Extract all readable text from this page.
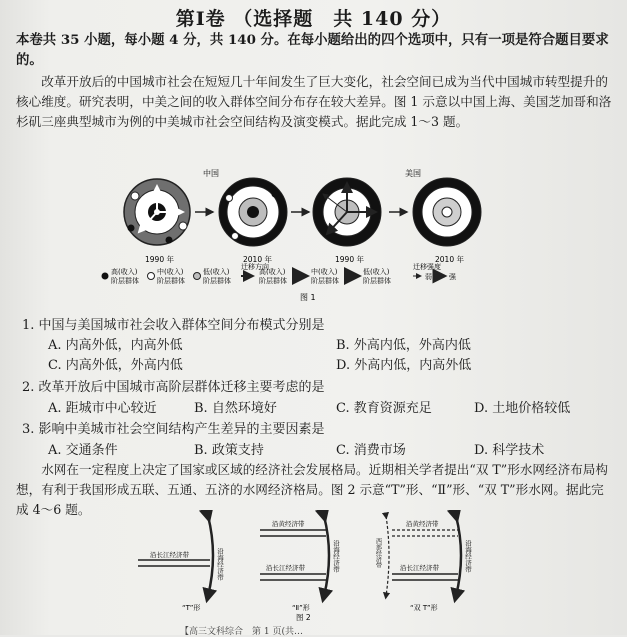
第Ⅰ卷 （选择题　共 140 分）
本卷共 35 小题，每小题 4 分，共 140 分。在每小题给出的四个选项中，只有一项是符合题目要求的。
改革开放后的中国城市社会在短短几十年间发生了巨大变化，社会空间已成为当代中国城市转型提升的核心维度。研究表明，中美之间的收入群体空间分布存在较大差异。图 1 示意以中国上海、美国芝加哥和洛杉矶三座典型城市为例的中美城市社会空间结构及演变模式。据此完成 1～3 题。
中国	美国
1990 年	2010 年	1990 年	2010 年
高(收入)
阶层群体
中(收入)
阶层群体
低(收入)
阶层群体
迁移方向
高(收入)
阶层群体
中(收入)
阶层群体
低(收入)
阶层群体
迁移强度
弱 强
图 1
1. 中国与美国城市社会收入群体空间分布模式分别是
A. 内高外低，内高外低	B. 外高内低，外高内低
C. 内高外低，外高内低	D. 外高内低，内高外低
2. 改革开放后中国城市高阶层群体迁移主要考虑的是
A. 距城市中心较近	B. 自然环境好	C. 教育资源充足	D. 土地价格较低
3. 影响中美城市社会空间结构产生差异的主要因素是
A. 交通条件	B. 政策支持	C. 消费市场	D. 科学技术
水网在一定程度上决定了国家或区域的经济社会发展格局。近期相关学者提出“双 T”形水网经济布局构想，有利于我国形成五联、五通、五济的水网经济格局。图 2 示意“T”形、“Ⅱ”形、“双 T”形水网。据此完成 4～6 题。
沿长江经济带	沿海经济带
“T”形
沿黄经济带
沿长江经济带	沿海经济带
“Ⅱ”形
沿黄经济带
沿长江经济带
西部经济带	沿海经济带
“双 T”形
图 2
【高三文科综合　第 1 页(共…
